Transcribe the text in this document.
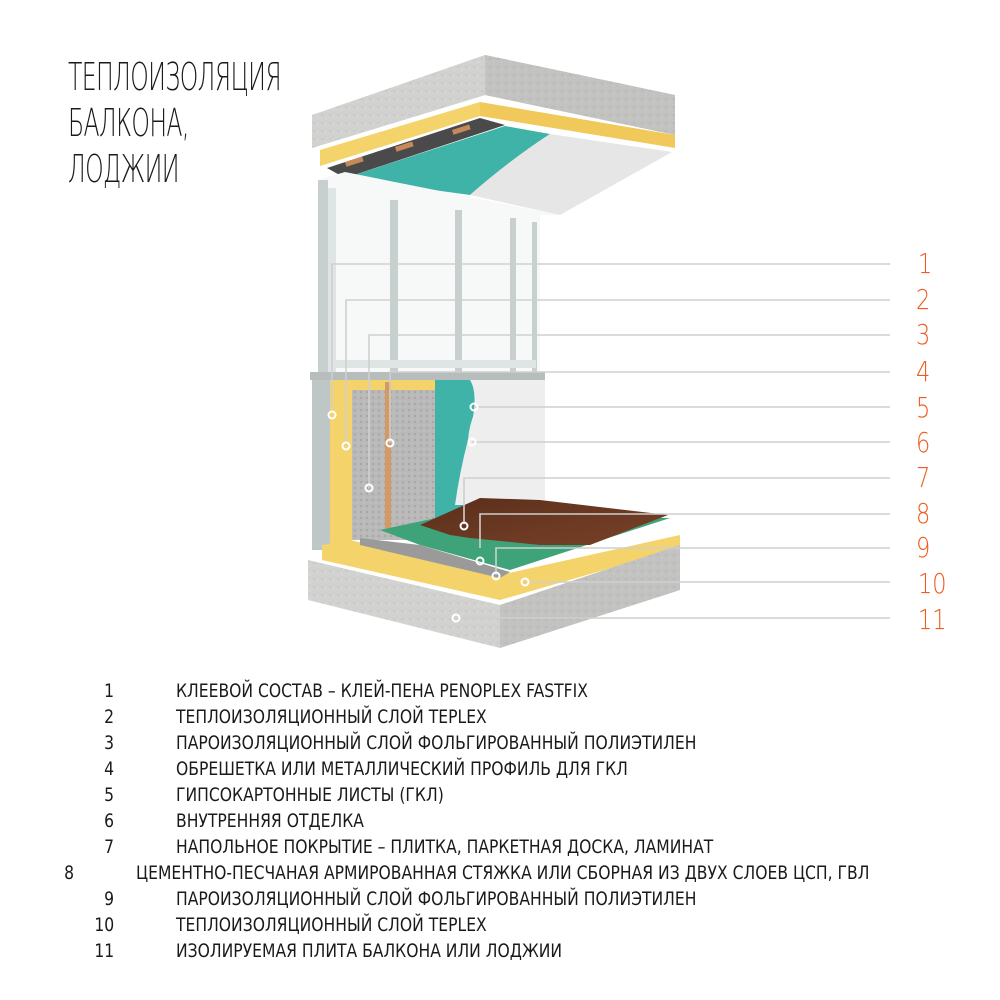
ТЕПЛОИЗОЛЯЦИЯ
БАЛКОНА,
ЛОДЖИИ
1
2
3
4
5
6
7
8
9
10
11
1	КЛЕЕВОЙ СОСТАВ – КЛЕЙ-ПЕНА PENOPLEX FASTFIX
2	ТЕПЛОИЗОЛЯЦИОННЫЙ СЛОЙ TEPLEX
3	ПАРОИЗОЛЯЦИОННЫЙ СЛОЙ ФОЛЬГИРОВАННЫЙ ПОЛИЭТИЛЕН
4	ОБРЕШЕТКА ИЛИ МЕТАЛЛИЧЕСКИЙ ПРОФИЛЬ ДЛЯ ГКЛ
5	ГИПСОКАРТОННЫЕ ЛИСТЫ (ГКЛ)
6	ВНУТРЕННЯЯ ОТДЕЛКА
7	НАПОЛЬНОЕ ПОКРЫТИЕ – ПЛИТКА, ПАРКЕТНАЯ ДОСКА, ЛАМИНАТ
8	ЦЕМЕНТНО-ПЕСЧАНАЯ АРМИРОВАННАЯ СТЯЖКА ИЛИ СБОРНАЯ ИЗ ДВУХ СЛОЕВ ЦСП, ГВЛ
9	ПАРОИЗОЛЯЦИОННЫЙ СЛОЙ ФОЛЬГИРОВАННЫЙ ПОЛИЭТИЛЕН
10	ТЕПЛОИЗОЛЯЦИОННЫЙ СЛОЙ TEPLEX
11	ИЗОЛИРУЕМАЯ ПЛИТА БАЛКОНА ИЛИ ЛОДЖИИ
